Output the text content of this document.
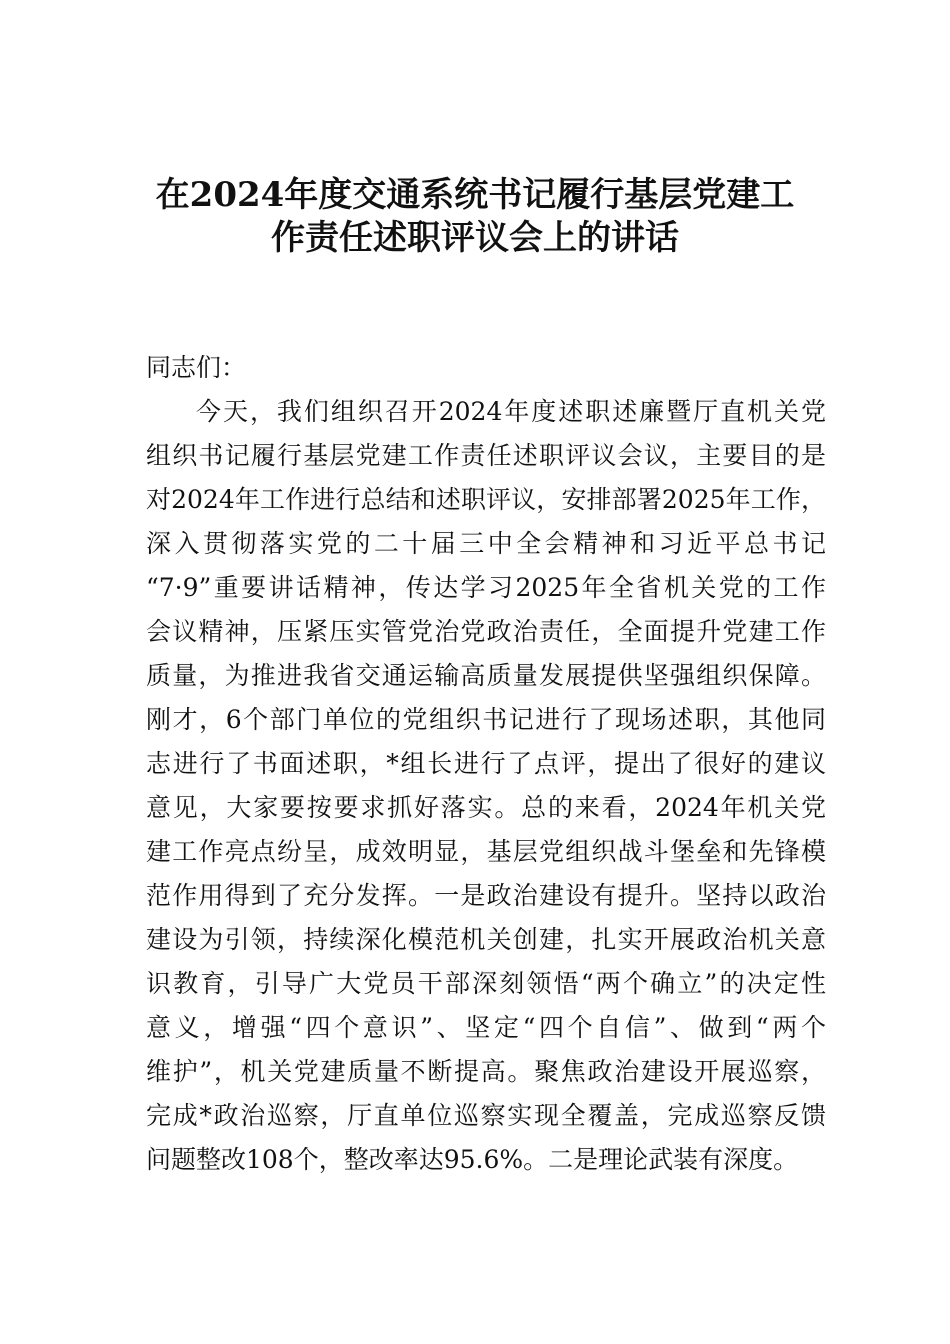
在2024年度交通系统书记履行基层党建工
作责任述职评议会上的讲话
同志们：
今天，我们组织召开2024年度述职述廉暨厅直机关党
组织书记履行基层党建工作责任述职评议会议，主要目的是
对2024年工作进行总结和述职评议，安排部署2025年工作，
深入贯彻落实党的二十届三中全会精神和习近平总书记
“7·9”重要讲话精神，传达学习2025年全省机关党的工作
会议精神，压紧压实管党治党政治责任，全面提升党建工作
质量，为推进我省交通运输高质量发展提供坚强组织保障。
刚才，6个部门单位的党组织书记进行了现场述职，其他同
志进行了书面述职，*组长进行了点评，提出了很好的建议
意见，大家要按要求抓好落实。总的来看，2024年机关党
建工作亮点纷呈，成效明显，基层党组织战斗堡垒和先锋模
范作用得到了充分发挥。一是政治建设有提升。坚持以政治
建设为引领，持续深化模范机关创建，扎实开展政治机关意
识教育，引导广大党员干部深刻领悟“两个确立”的决定性
意义，增强“四个意识”、坚定“四个自信”、做到“两个
维护”，机关党建质量不断提高。聚焦政治建设开展巡察，
完成*政治巡察，厅直单位巡察实现全覆盖，完成巡察反馈
问题整改108个，整改率达95.6%。二是理论武装有深度。
